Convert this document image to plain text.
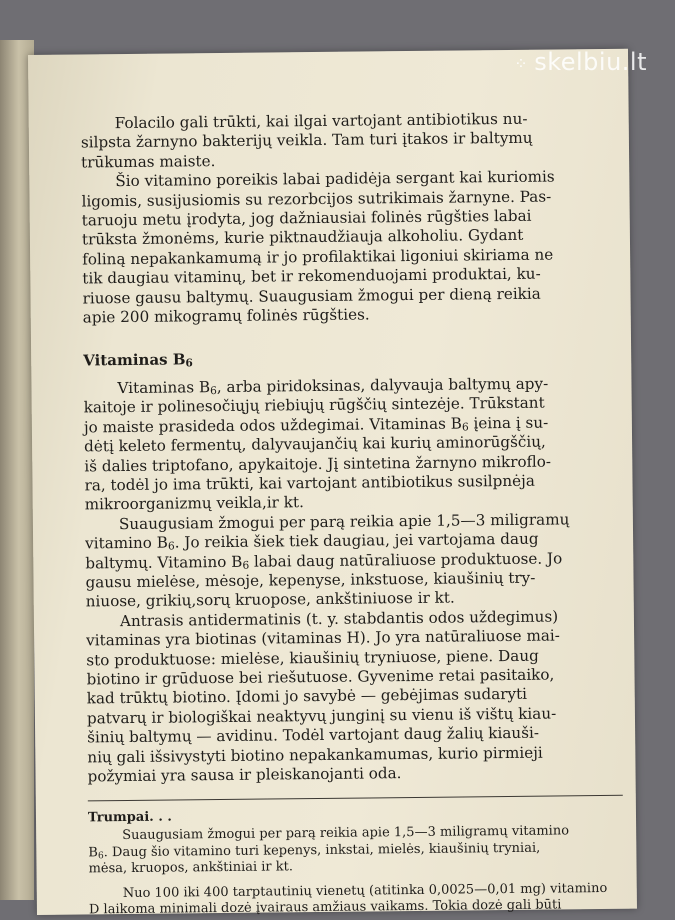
Folacilo gali trūkti, kai ilgai vartojant antibiotikus nu-
silpsta žarnyno bakterijų veikla. Tam turi įtakos ir baltymų
trūkumas maiste.

Šio vitamino poreikis labai padidėja sergant kai kuriomis
ligomis, susijusiomis su rezorbcijos sutrikimais žarnyne. Pas-
taruoju metu įrodyta, jog dažniausiai folinės rūgšties labai
trūksta žmonėms, kurie piktnaudžiauja alkoholiu. Gydant
foliną nepakankamumą ir jo profilaktikai ligoniui skiriama ne
tik daugiau vitaminų, bet ir rekomenduojami produktai, ku-
riuose gausu baltymų. Suaugusiam žmogui per dieną reikia
apie 200 mikogramų folinės rūgšties.

Vitaminas $B_6$

Vitaminas $B_6$, arba piridoksinas, dalyvauja baltymų apy-
kaitoje ir polinesočiųjų riebiųjų rūgščių sintezėje. Trūkstant
jo maiste prasideda odos uždegimai. Vitaminas $B_6$ įeina į su-
dėtį keleto fermentų, dalyvaujančių kai kurių aminorūgščių,
iš dalies triptofano, apykaitoje. Jį sintetina žarnyno mikroflo-
ra, todėl jo ima trūkti, kai vartojant antibiotikus susilpnėja
mikroorganizmų veikla,ir kt.

Suaugusiam žmogui per parą reikia apie 1,5—3 miligramų
vitamino $B_6$. Jo reikia šiek tiek daugiau, jei vartojama daug
baltymų. Vitamino $B_6$ labai daug natūraliuose produktuose. Jo
gausu mielėse, mėsoje, kepenyse, inkstuose, kiaušinių try-
niuose, grikių,sorų kruopose, ankštiniuose ir kt.

Antrasis antidermatinis (t. y. stabdantis odos uždegimus)
vitaminas yra biotinas (vitaminas H). Jo yra natūraliuose mai-
sto produktuose: mielėse, kiaušinių tryniuose, piene. Daug
biotino ir grūduose bei riešutuose. Gyvenime retai pasitaiko,
kad trūktų biotino. Įdomi jo savybė — gebėjimas sudaryti
patvarų ir biologiškai neaktyvų junginį su vienu iš vištų kiau-
šinių baltymų — avidinu. Todėl vartojant daug žalių kiauši-
nių gali išsivystyti biotino nepakankamumas, kurio pirmieji
požymiai yra sausa ir pleiskanojanti oda.

Trumpai. . .

Suaugusiam žmogui per parą reikia apie 1,5—3 miligramų vitamino
$B_6$. Daug šio vitamino turi kepenys, inkstai, mielės, kiaušinių tryniai,
mėsa, kruopos, ankštiniai ir kt.

Nuo 100 iki 400 tarptautinių vienetų (atitinka 0,0025—0,01 mg) vitamino
D laikoma minimali dozė įvairaus amžiaus vaikams. Tokia dozė gali būti

⁘ skelbiu.lt
